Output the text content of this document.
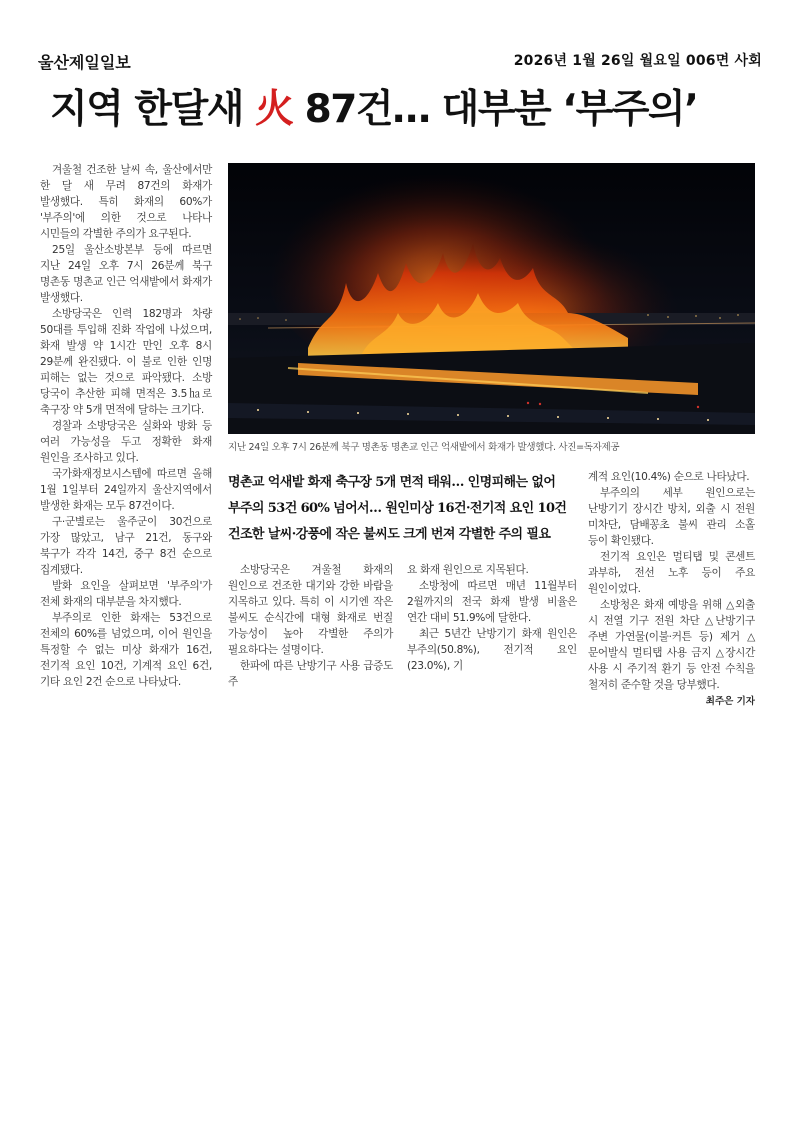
울산제일일보	2026년 1월 26일 월요일 006면 사회
지역 한달새 火 87건… 대부분 ‘부주의’

겨울철 건조한 날씨 속, 울산에서만 한 달 새 무려 87건의 화재가 발생했다. 특히 화재의 60%가 '부주의'에 의한 것으로 나타나 시민들의 각별한 주의가 요구된다.

25일 울산소방본부 등에 따르면 지난 24일 오후 7시 26분께 북구 명촌동 명촌교 인근 억새밭에서 화재가 발생했다.

소방당국은 인력 182명과 차량 50대를 투입해 진화 작업에 나섰으며, 화재 발생 약 1시간 만인 오후 8시 29분께 완진됐다. 이 불로 인한 인명 피해는 없는 것으로 파악됐다. 소방 당국이 추산한 피해 면적은 3.5㏊로 축구장 약 5개 면적에 달하는 크기다.

경찰과 소방당국은 실화와 방화 등 여러 가능성을 두고 정확한 화재 원인을 조사하고 있다.

국가화재정보시스템에 따르면 올해 1월 1일부터 24일까지 울산지역에서 발생한 화재는 모두 87건이다.

구·군별로는 울주군이 30건으로 가장 많았고, 남구 21건, 동구와 북구가 각각 14건, 중구 8건 순으로 집계됐다.

발화 요인을 살펴보면 '부주의'가 전체 화재의 대부분을 차지했다.

부주의로 인한 화재는 53건으로 전체의 60%를 넘었으며, 이어 원인을 특정할 수 없는 미상 화재가 16건, 전기적 요인 10건, 기계적 요인 6건, 기타 요인 2건 순으로 나타났다.

지난 24일 오후 7시 26분께 북구 명촌동 명촌교 인근 억새밭에서 화재가 발생했다. 사진=독자제공
명촌교 억새밭 화재 축구장 5개 면적 태워… 인명피해는 없어
부주의 53건 60% 넘어서… 원인미상 16건·전기적 요인 10건
건조한 날씨·강풍에 작은 불씨도 크게 번져 각별한 주의 필요

소방당국은 겨울철 화재의 원인으로 건조한 대기와 강한 바람을 지목하고 있다. 특히 이 시기엔 작은 불씨도 순식간에 대형 화재로 번질 가능성이 높아 각별한 주의가 필요하다는 설명이다.

한파에 따른 난방기구 사용 급증도 주

요 화재 원인으로 지목된다.

소방청에 따르면 매년 11월부터 2월까지의 전국 화재 발생 비율은 연간 대비 51.9%에 달한다.

최근 5년간 난방기기 화재 원인은 부주의(50.8%), 전기적 요인(23.0%), 기

계적 요인(10.4%) 순으로 나타났다.

부주의의 세부 원인으로는 난방기기 장시간 방치, 외출 시 전원 미차단, 담배꽁초 불씨 관리 소홀 등이 확인됐다.

전기적 요인은 멀티탭 및 콘센트 과부하, 전선 노후 등이 주요 원인이었다.

소방청은 화재 예방을 위해 △외출 시 전열 기구 전원 차단 △난방기구 주변 가연물(이불·커튼 등) 제거 △문어발식 멀티탭 사용 금지 △장시간 사용 시 주기적 환기 등 안전 수칙을 철저히 준수할 것을 당부했다.

최주은 기자
